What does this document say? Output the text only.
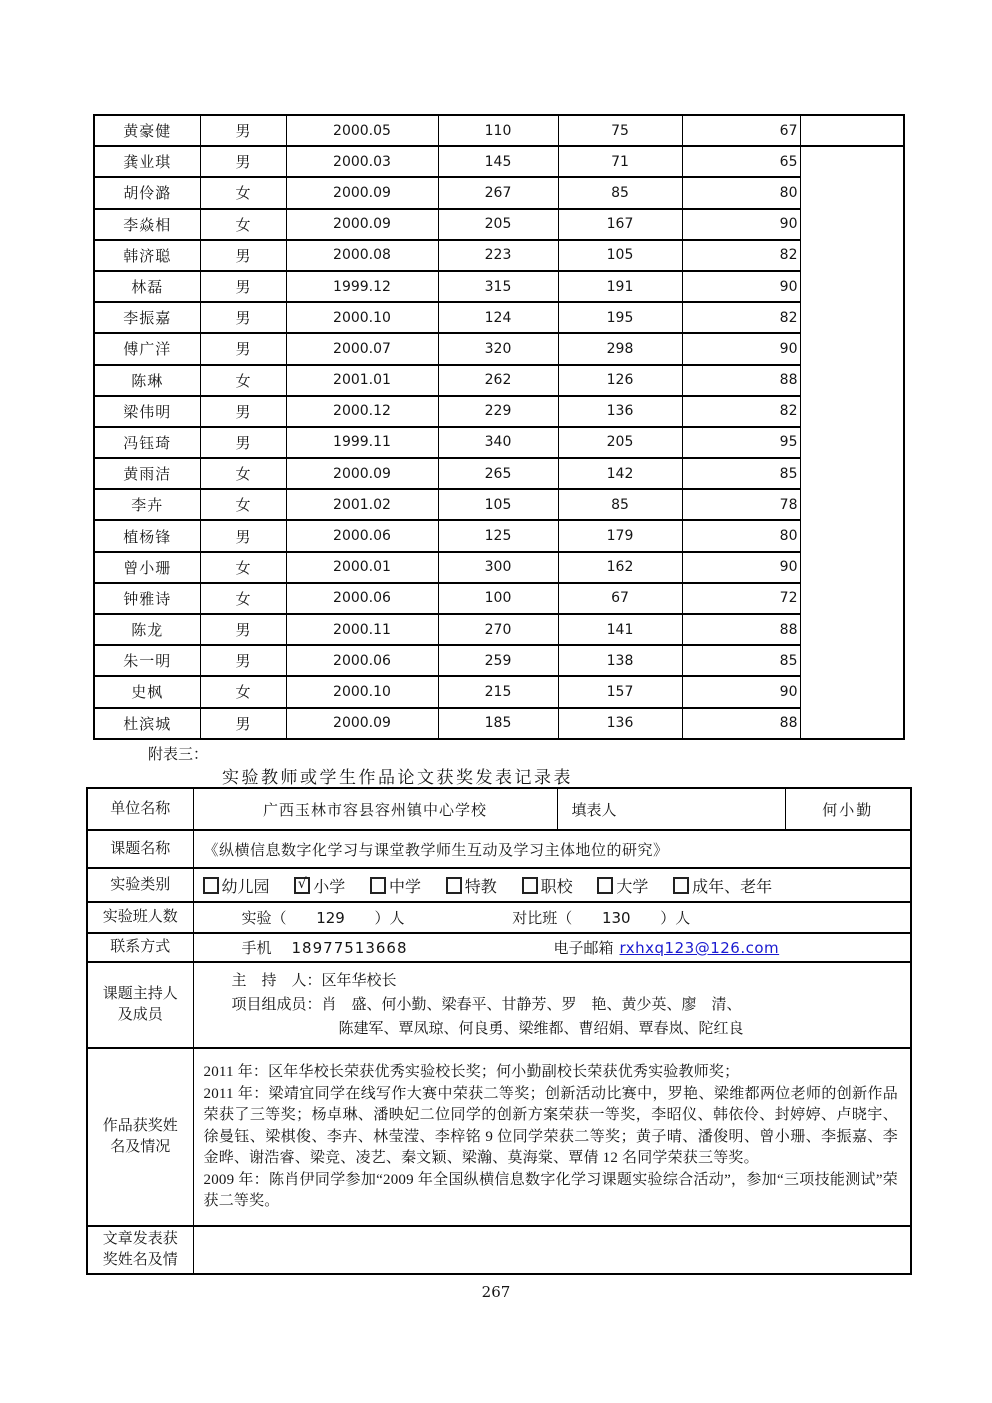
黄豪健	男	2000.05	110	75	67	
龚业琪	男	2000.03	145	71	65	
胡伶潞	女	2000.09	267	85	80	
李焱相	女	2000.09	205	167	90	
韩济聪	男	2000.08	223	105	82	
林磊	男	1999.12	315	191	90	
李振嘉	男	2000.10	124	195	82	
傅广洋	男	2000.07	320	298	90	
陈琳	女	2001.01	262	126	88	
梁伟明	男	2000.12	229	136	82	
冯钰琦	男	1999.11	340	205	95	
黄雨洁	女	2000.09	265	142	85	
李卉	女	2001.02	105	85	78	
植杨锋	男	2000.06	125	179	80	
曾小珊	女	2000.01	300	162	90	
钟雅诗	女	2000.06	100	67	72	
陈龙	男	2000.11	270	141	88	
朱一明	男	2000.06	259	138	85	
史枫	女	2000.10	215	157	90	
杜滨城	男	2000.09	185	136	88	
附表三：
实验教师或学生作品论文获奖发表记录表
单位名称	广西玉林市容县容州镇中心学校	填表人	何小勤
课题名称	《纵横信息数字化学习与课堂教学师生互动及学习主体地位的研究》		
实验类别	幼儿园 √ 小学 中学 特教 职校 大学 成年、老年		
实验班人数	实验（ 129 ）人 对比班（ 130 ）人		
联系方式	手机 18977513668 电子邮箱 rxhxq123@126.com		
课题主持人及成员	主　持　人：区年华校长
项目组成员：肖　盛、何小勤、梁春平、甘静芳、罗　艳、黄少英、廖　清、
陈建军、覃凤琼、何良勇、梁维都、曹绍娟、覃春岚、陀红良		

作品获奖姓名及情况	2011 年：区年华校长荣获优秀实验校长奖；何小勤副校长荣获优秀实验教师奖；

2011 年：梁靖宜同学在线写作大赛中荣获二等奖；创新活动比赛中，罗艳、梁维都两位老师的创新作品荣获了三等奖；杨卓琳、潘映妃二位同学的创新方案荣获一等奖，李昭仪、韩依伶、封婷婷、卢晓宇、徐曼钰、梁棋俊、李卉、林莹滢、李梓铭 9 位同学荣获二等奖；黄子晴、潘俊明、曾小珊、李振嘉、李金晔、谢浩睿、梁竞、凌艺、秦文颖、梁瀚、莫海棠、覃倩 12 名同学荣获三等奖。

2009 年：陈肖伊同学参加“2009 年全国纵横信息数字化学习课题实验综合活动”，参加“三项技能测试”荣获二等奖。		

文章发表获奖姓名及情			
267
